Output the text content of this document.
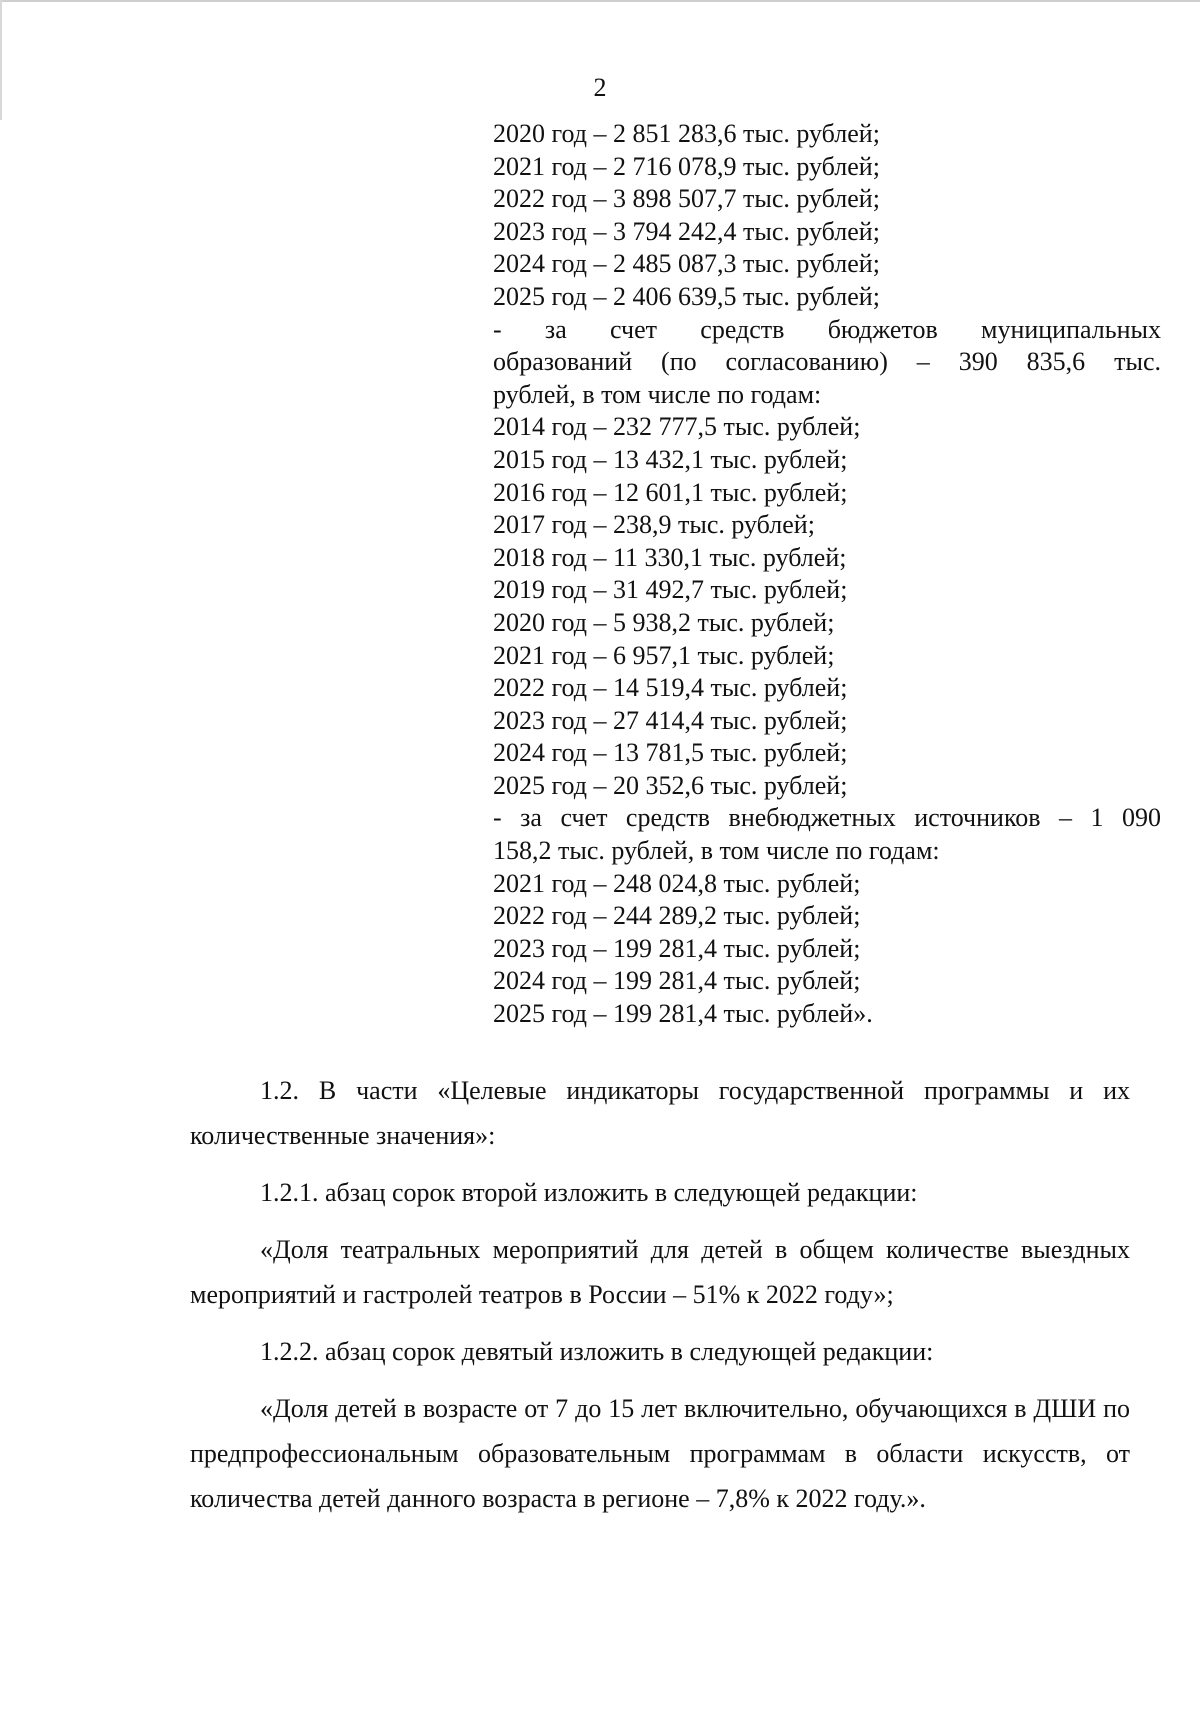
2
2020 год – 2 851 283,6 тыс. рублей;
2021 год – 2 716 078,9 тыс. рублей;
2022 год – 3 898 507,7 тыс. рублей;
2023 год – 3 794 242,4 тыс. рублей;
2024 год – 2 485 087,3 тыс. рублей;
2025 год – 2 406 639,5 тыс. рублей;
- за счет средств бюджетов муниципальных
образований (по согласованию) – 390 835,6 тыс.
рублей, в том числе по годам:
2014 год – 232 777,5 тыс. рублей;
2015 год – 13 432,1 тыс. рублей;
2016 год – 12 601,1 тыс. рублей;
2017 год – 238,9 тыс. рублей;
2018 год – 11 330,1 тыс. рублей;
2019 год – 31 492,7 тыс. рублей;
2020 год – 5 938,2 тыс. рублей;
2021 год – 6 957,1 тыс. рублей;
2022 год – 14 519,4 тыс. рублей;
2023 год – 27 414,4 тыс. рублей;
2024 год – 13 781,5 тыс. рублей;
2025 год – 20 352,6 тыс. рублей;
- за счет средств внебюджетных источников – 1 090
158,2 тыс. рублей, в том числе по годам:
2021 год – 248 024,8 тыс. рублей;
2022 год – 244 289,2 тыс. рублей;
2023 год – 199 281,4 тыс. рублей;
2024 год – 199 281,4 тыс. рублей;
2025 год – 199 281,4 тыс. рублей».

1.2. В части «Целевые индикаторы государственной программы и их количественные значения»:

1.2.1. абзац сорок второй изложить в следующей редакции:

«Доля театральных мероприятий для детей в общем количестве выездных мероприятий и гастролей театров в России – 51% к 2022 году»;

1.2.2. абзац сорок девятый изложить в следующей редакции:

«Доля детей в возрасте от 7 до 15 лет включительно, обучающихся в ДШИ по предпрофессиональным образовательным программам в области искусств, от количества детей данного возраста в регионе – 7,8% к 2022 году.».
